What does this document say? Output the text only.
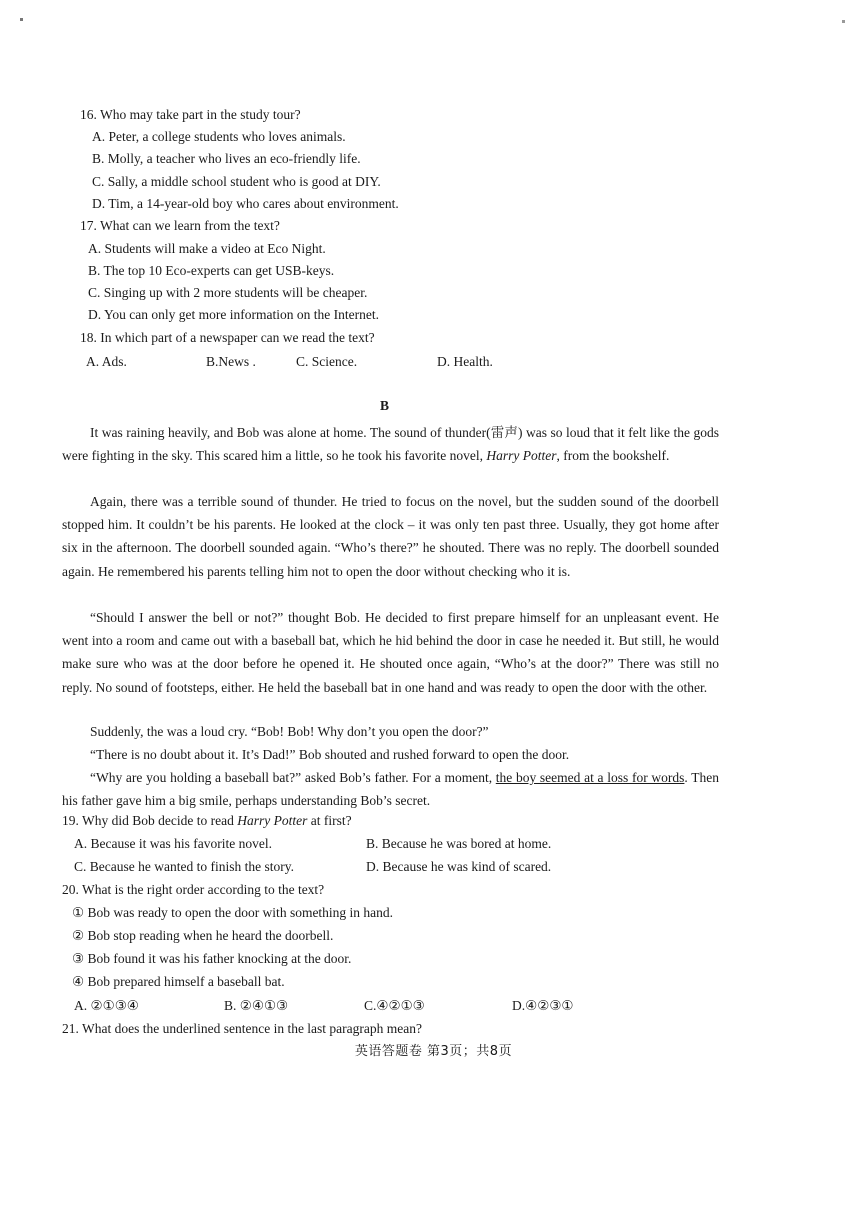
16. Who may take part in the study tour?
A. Peter, a college students who loves animals.
B. Molly, a teacher who lives an eco-friendly life.
C. Sally, a middle school student who is good at DIY.
D. Tim, a 14-year-old boy who cares about environment.
17. What can we learn from the text?
A. Students will make a video at Eco Night.
B. The top 10 Eco-experts can get USB-keys.
C. Singing up with 2 more students will be cheaper.
D. You can only get more information on the Internet.
18. In which part of a newspaper can we read the text?
A. Ads.	B.News .	C. Science.	D. Health.
B
It was raining heavily, and Bob was alone at home. The sound of thunder(雷声) was so loud that it felt like the gods were fighting in the sky. This scared him a little, so he took his favorite novel, Harry Potter, from the bookshelf.
Again, there was a terrible sound of thunder. He tried to focus on the novel, but the sudden sound of the doorbell stopped him. It couldn’t be his parents. He looked at the clock – it was only ten past three. Usually, they got home after six in the afternoon. The doorbell sounded again. “Who’s there?” he shouted. There was no reply. The doorbell sounded again. He remembered his parents telling him not to open the door without checking who it is.
“Should I answer the bell or not?” thought Bob. He decided to first prepare himself for an unpleasant event. He went into a room and came out with a baseball bat, which he hid behind the door in case he needed it. But still, he would make sure who was at the door before he opened it. He shouted once again, “Who’s at the door?” There was still no reply. No sound of footsteps, either. He held the baseball bat in one hand and was ready to open the door with the other.
Suddenly, the was a loud cry. “Bob! Bob! Why don’t you open the door?”
“There is no doubt about it. It’s Dad!” Bob shouted and rushed forward to open the door.
“Why are you holding a baseball bat?” asked Bob’s father. For a moment, the boy seemed at a loss for words. Then his father gave him a big smile, perhaps understanding Bob’s secret.
19. Why did Bob decide to read Harry Potter at first?
A. Because it was his favorite novel.	B. Because he was bored at home.
C. Because he wanted to finish the story.	D. Because he was kind of scared.
20. What is the right order according to the text?
① Bob was ready to open the door with something in hand.
② Bob stop reading when he heard the doorbell.
③ Bob found it was his father knocking at the door.
④ Bob prepared himself a baseball bat.
A. ②①③④	B. ②④①③	C.④②①③	D.④②③①
21. What does the underlined sentence in the last paragraph mean?
英语答题卷 第3页；共8页
